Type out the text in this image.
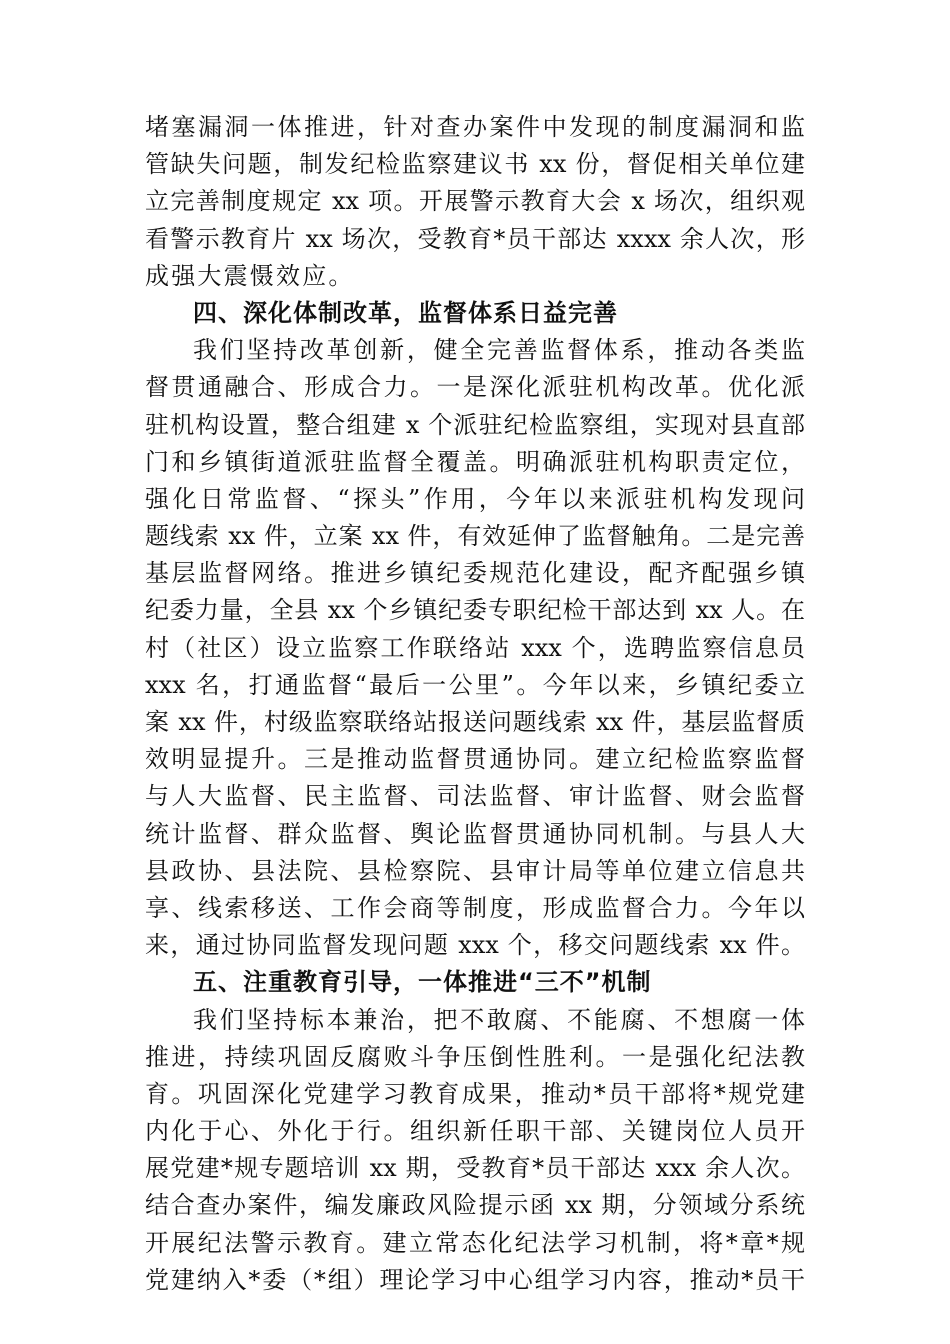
堵塞漏洞一体推进，针对查办案件中发现的制度漏洞和监
管缺失问题，制发纪检监察建议书 xx 份，督促相关单位建
立完善制度规定 xx 项。开展警示教育大会 x 场次，组织观
看警示教育片 xx 场次，受教育*员干部达 xxxx 余人次，形
成强大震慑效应。
四、深化体制改革，监督体系日益完善
我们坚持改革创新，健全完善监督体系，推动各类监
督贯通融合、形成合力。一是深化派驻机构改革。优化派
驻机构设置，整合组建 x 个派驻纪检监察组，实现对县直部
门和乡镇街道派驻监督全覆盖。明确派驻机构职责定位，
强化日常监督、“探头”作用，今年以来派驻机构发现问
题线索 xx 件，立案 xx 件，有效延伸了监督触角。二是完善
基层监督网络。推进乡镇纪委规范化建设，配齐配强乡镇
纪委力量，全县 xx 个乡镇纪委专职纪检干部达到 xx 人。在
村（社区）设立监察工作联络站 xxx 个，选聘监察信息员
xxx 名，打通监督“最后一公里”。今年以来，乡镇纪委立
案 xx 件，村级监察联络站报送问题线索 xx 件，基层监督质
效明显提升。三是推动监督贯通协同。建立纪检监察监督
与人大监督、民主监督、司法监督、审计监督、财会监督
统计监督、群众监督、舆论监督贯通协同机制。与县人大
县政协、县法院、县检察院、县审计局等单位建立信息共
享、线索移送、工作会商等制度，形成监督合力。今年以
来，通过协同监督发现问题 xxx 个，移交问题线索 xx 件。
五、注重教育引导，一体推进“三不”机制
我们坚持标本兼治，把不敢腐、不能腐、不想腐一体
推进，持续巩固反腐败斗争压倒性胜利。一是强化纪法教
育。巩固深化党建学习教育成果，推动*员干部将*规党建
内化于心、外化于行。组织新任职干部、关键岗位人员开
展党建*规专题培训 xx 期，受教育*员干部达 xxx 余人次。
结合查办案件，编发廉政风险提示函 xx 期，分领域分系统
开展纪法警示教育。建立常态化纪法学习机制，将*章*规
党建纳入*委（*组）理论学习中心组学习内容，推动*员干
